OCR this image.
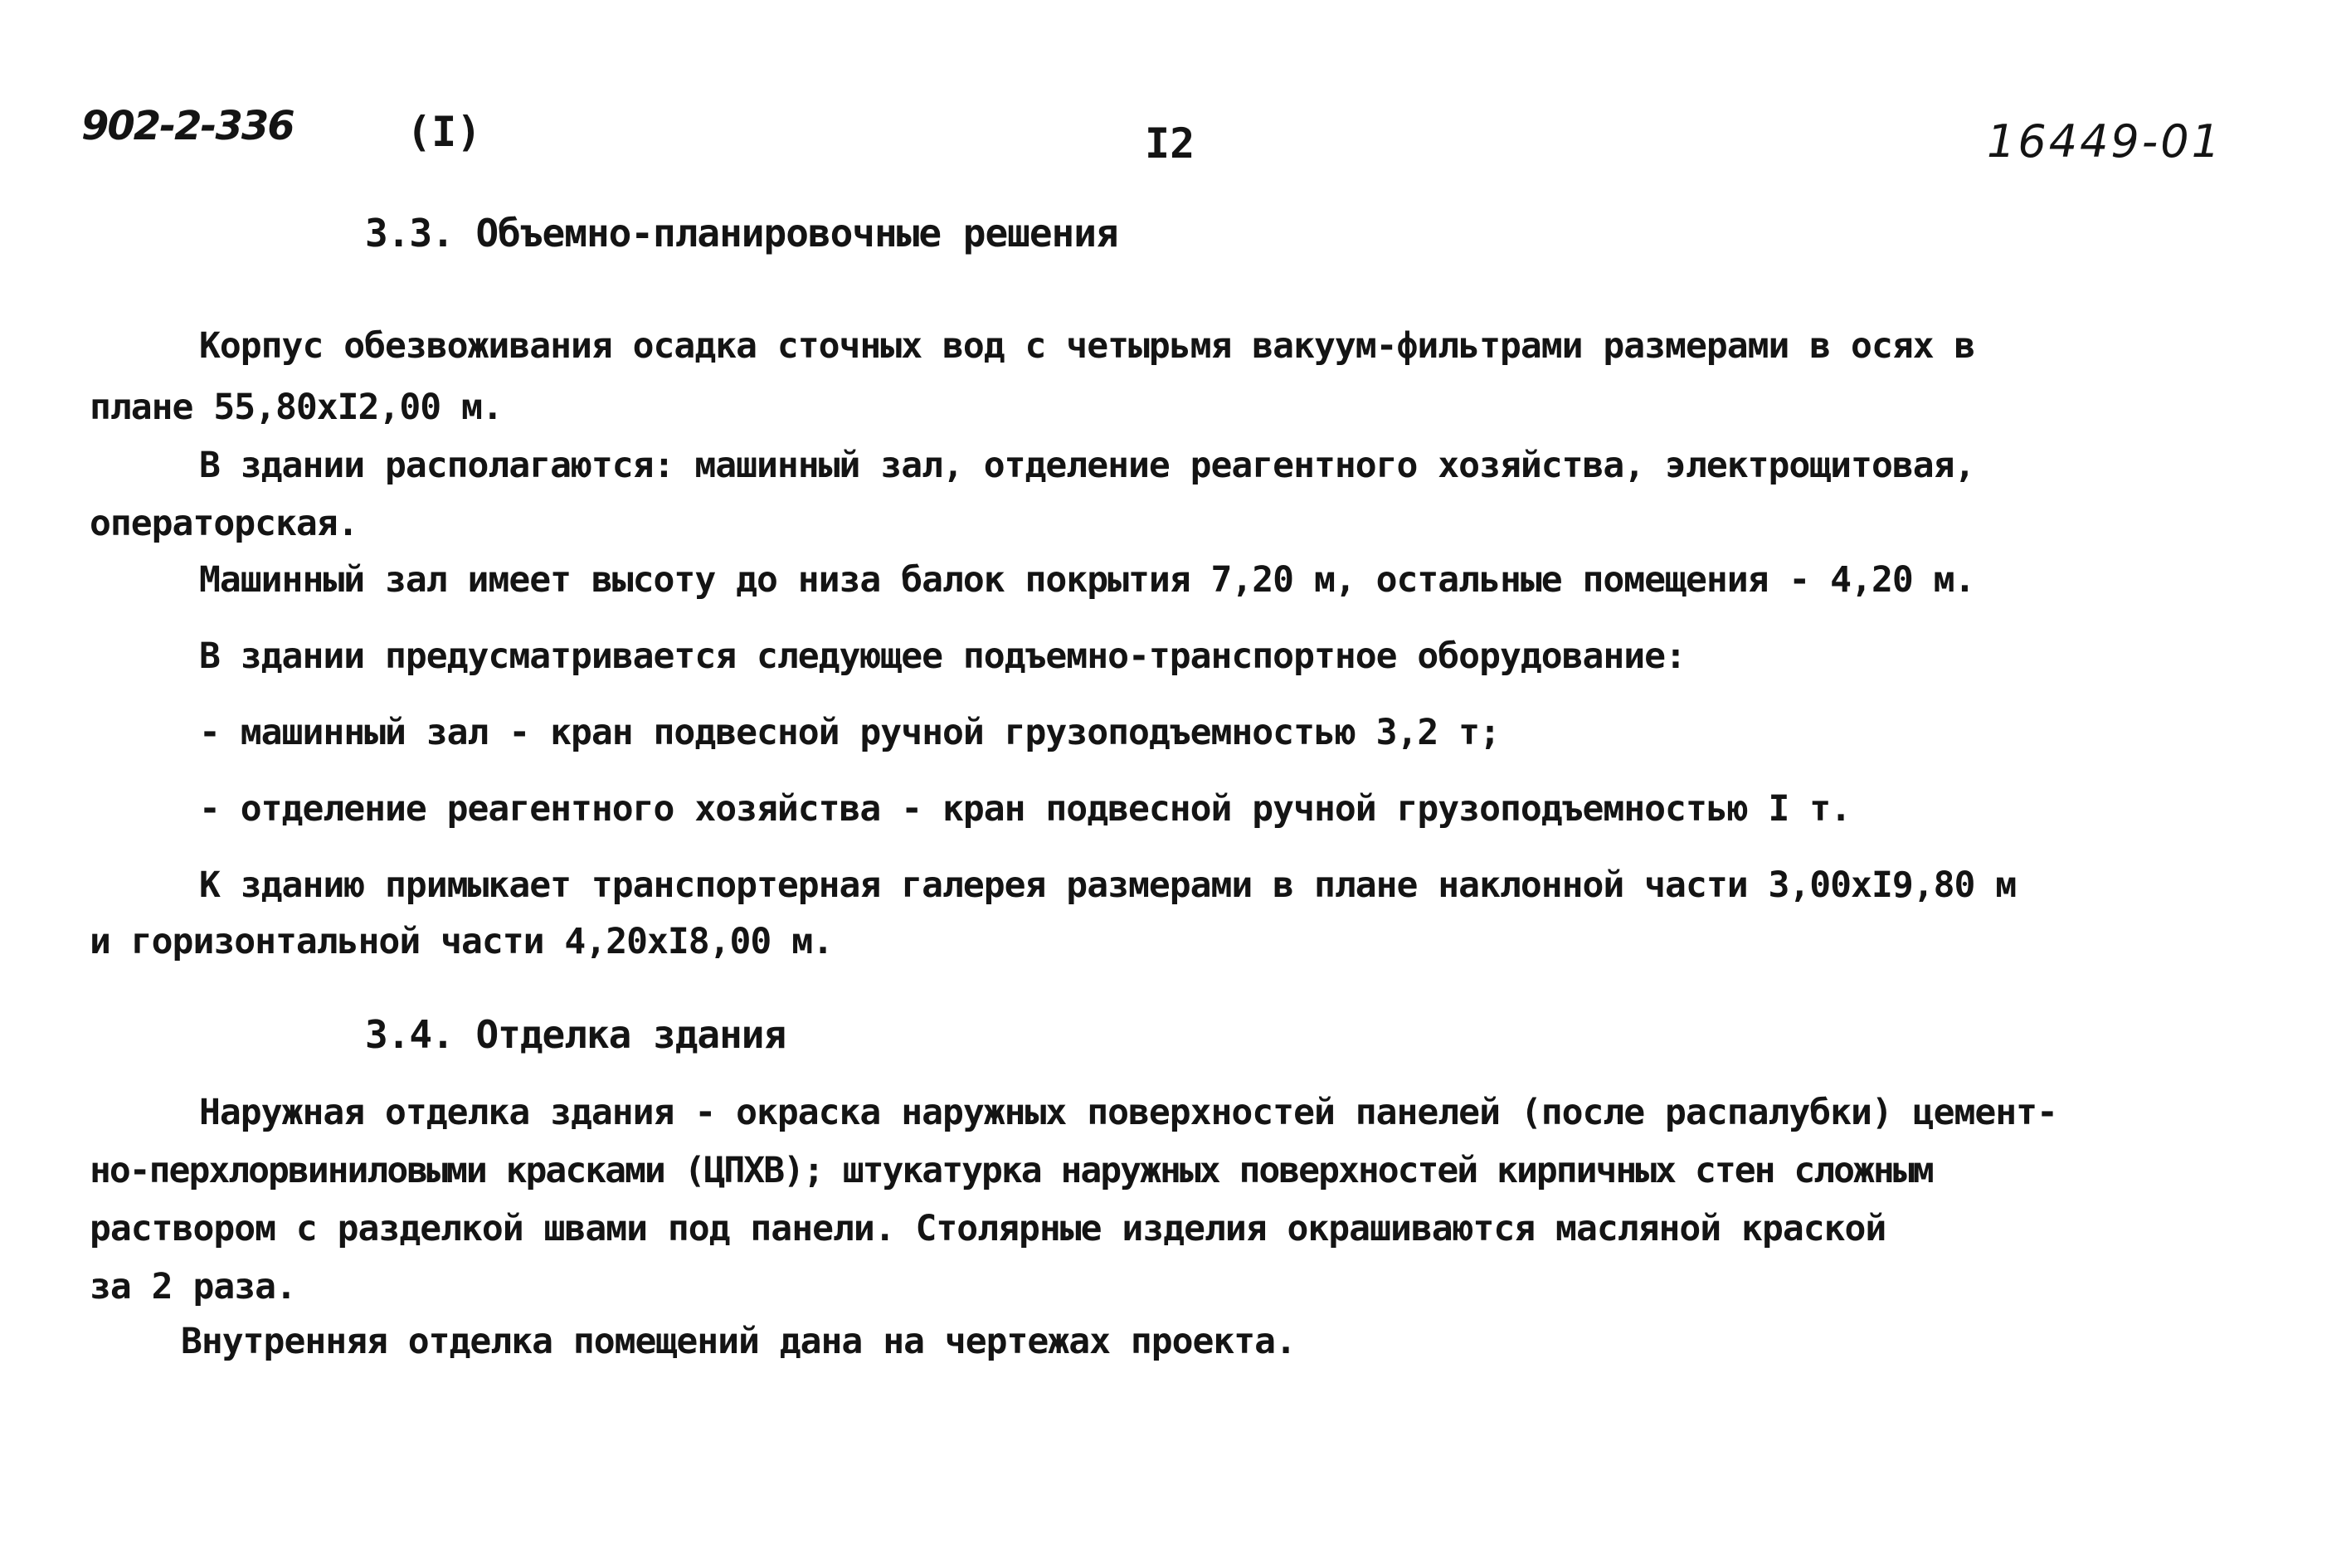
902-2-336	(I)	I2	16449-01
3.3. Объемно-планировочные решения
Корпус обезвоживания осадка сточных вод с четырьмя вакуум-фильтрами размерами в осях в
плане 55,80хI2,00 м.
В здании располагаются: машинный зал, отделение реагентного хозяйства, электрощитовая,
операторская.
Машинный зал имеет высоту до низа балок покрытия 7,20 м, остальные помещения - 4,20 м.
В здании предусматривается следующее подъемно-транспортное оборудование:
- машинный зал - кран подвесной ручной грузоподъемностью 3,2 т;
- отделение реагентного хозяйства - кран подвесной ручной грузоподъемностью I т.
К зданию примыкает транспортерная галерея размерами в плане наклонной части 3,00хI9,80 м
и горизонтальной части 4,20хI8,00 м.
3.4. Отделка здания
Наружная отделка здания - окраска наружных поверхностей панелей (после распалубки) цемент-
но-перхлорвиниловыми красками (ЦПХВ); штукатурка наружных поверхностей кирпичных стен сложным
раствором с разделкой швами под панели. Столярные изделия окрашиваются масляной краской
за 2 раза.
Внутренняя отделка помещений дана на чертежах проекта.
